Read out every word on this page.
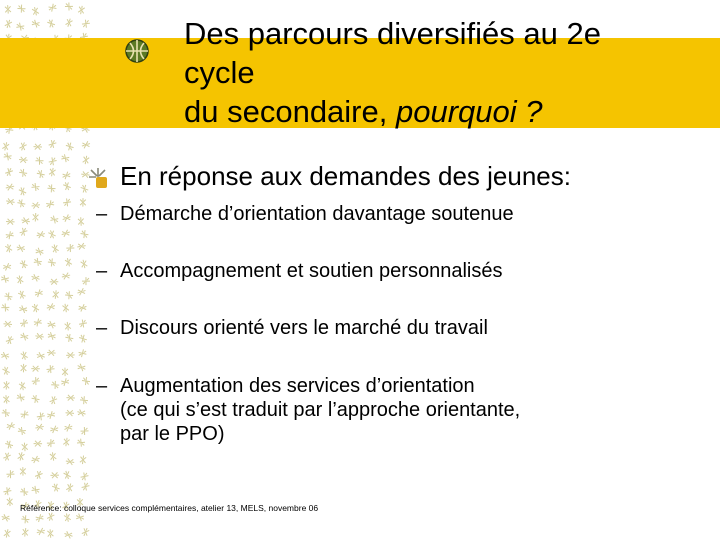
Des parcours diversifiés au 2e
cycle
du secondaire, pourquoi ?
En réponse aux demandes des jeunes:
– Démarche d’orientation davantage soutenue
– Accompagnement et soutien personnalisés
– Discours orienté vers le marché du travail
– Augmentation des services d’orientation
(ce qui s’est traduit par l’approche orientante,
par le PPO)
Référence: colloque services complémentaires, atelier 13, MELS, novembre 06
